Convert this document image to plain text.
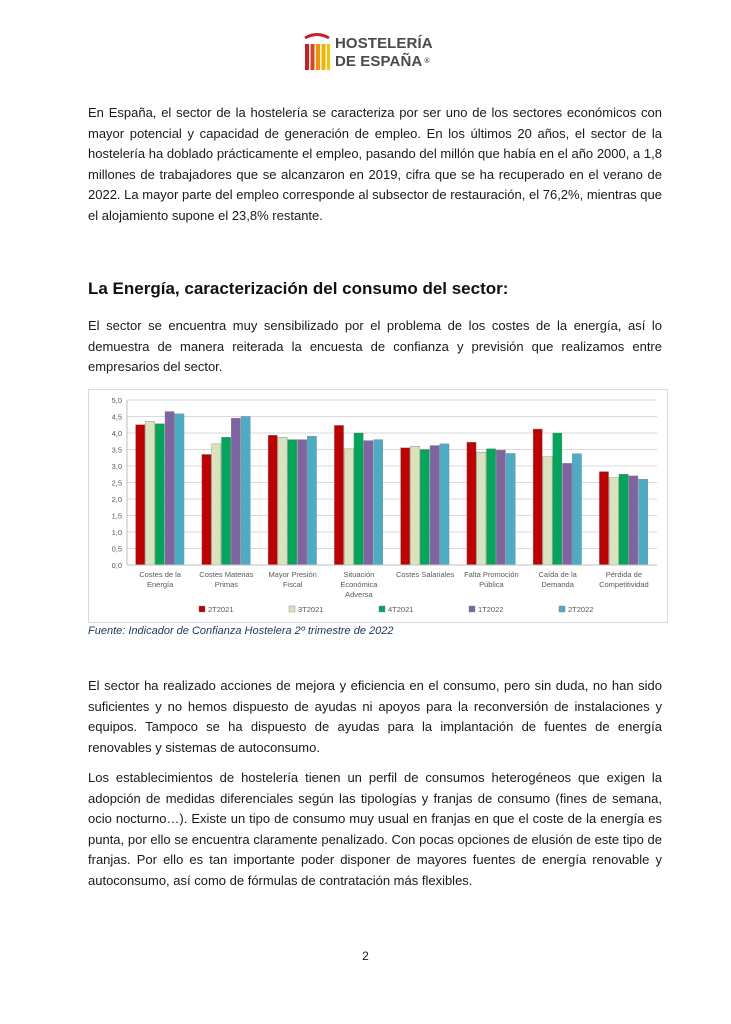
HOSTELERÍA
DE ESPAÑA ®

En España, el sector de la hostelería se caracteriza por ser uno de los sectores económicos con mayor potencial y capacidad de generación de empleo. En los últimos 20 años, el sector de la hostelería ha doblado prácticamente el empleo, pasando del millón que había en el año 2000, a 1,8 millones de trabajadores que se alcanzaron en 2019, cifra que se ha recuperado en el verano de 2022. La mayor parte del empleo corresponde al subsector de restauración, el 76,2%, mientras que el alojamiento supone el 23,8% restante.

La Energía, caracterización del consumo del sector:

El sector se encuentra muy sensibilizado por el problema de los costes de la energía, así lo demuestra de manera reiterada la encuesta de confianza y previsión que realizamos entre empresarios del sector.

0,0
0,5
1,0
1,5
2,0
2,5
3,0
3,5
4,0
4,5
5,0
Costes de la
Energía
Costes Materias
Primas
Mayor Presión
Fiscal
Situación
Económica
Adversa
Costes Salariales Falta Promoción
Pública
Caída de la
Demanda
Pérdida de
Competitividad
2T2021	3T2021	4T2021	1T2022	2T2022

Fuente: Indicador de Confianza Hostelera 2º trimestre de 2022

El sector ha realizado acciones de mejora y eficiencia en el consumo, pero sin duda, no han sido suficientes y no hemos dispuesto de ayudas ni apoyos para la reconversión de instalaciones y equipos. Tampoco se ha dispuesto de ayudas para la implantación de fuentes de energía renovables y sistemas de autoconsumo.

Los establecimientos de hostelería tienen un perfil de consumos heterogéneos que exigen la adopción de medidas diferenciales según las tipologías y franjas de consumo (fines de semana, ocio nocturno…). Existe un tipo de consumo muy usual en franjas en que el coste de la energía es punta, por ello se encuentra claramente penalizado. Con pocas opciones de elusión de este tipo de franjas. Por ello es tan importante poder disponer de mayores fuentes de energía renovable y autoconsumo, así como de fórmulas de contratación más flexibles.

2
